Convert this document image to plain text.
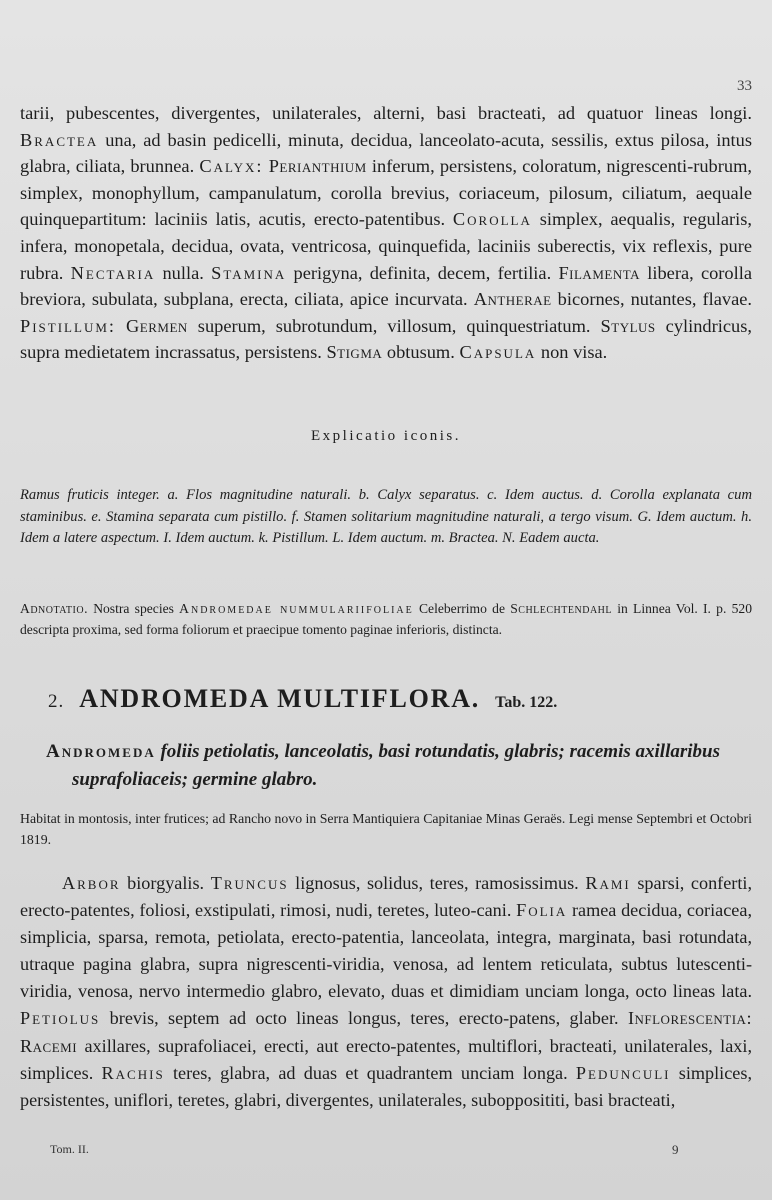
33

tarii, pubescentes, divergentes, unilaterales, alterni, basi bracteati, ad quatuor lineas longi. Bractea una, ad basin pedicelli, minuta, decidua, lanceolato-acuta, sessilis, extus pilosa, intus glabra, ciliata, brunnea. Calyx: Perianthium inferum, persistens, coloratum, nigrescenti-rubrum, simplex, monophyllum, campanulatum, corolla brevius, coriaceum, pilosum, ciliatum, aequale quinquepartitum: laciniis latis, acutis, erecto-patentibus. Corolla simplex, aequalis, regularis, infera, monopetala, decidua, ovata, ventricosa, quinquefida, laciniis suberectis, vix reflexis, pure rubra. Nectaria nulla. Stamina perigyna, definita, decem, fertilia. Filamenta libera, corolla breviora, subulata, subplana, erecta, ciliata, apice incurvata. Antherae bicornes, nutantes, flavae. Pistillum: Germen superum, subrotundum, villosum, quinquestriatum. Stylus cylindricus, supra medietatem incrassatus, persistens. Stigma obtusum. Capsula non visa.

Explicatio iconis.

Ramus fruticis integer. a. Flos magnitudine naturali. b. Calyx separatus. c. Idem auctus. d. Corolla explanata cum staminibus. e. Stamina separata cum pistillo. f. Stamen solitarium magnitudine naturali, a tergo visum. G. Idem auctum. h. Idem a latere aspectum. I. Idem auctum. k. Pistillum. L. Idem auctum. m. Bractea. N. Eadem aucta.

Adnotatio. Nostra species Andromedae nummulariifoliae Celeberrimo de Schlechtendahl in Linnea Vol. I. p. 520 descripta proxima, sed forma foliorum et praecipue tomento paginae inferioris, distincta.

2. ANDROMEDA MULTIFLORA. Tab. 122.

Andromeda foliis petiolatis, lanceolatis, basi rotundatis, glabris; racemis axillaribus suprafoliaceis; germine glabro.

Habitat in montosis, inter frutices; ad Rancho novo in Serra Mantiquiera Capitaniae Minas Geraës. Legi mense Septembri et Octobri 1819.

Arbor biorgyalis. Truncus lignosus, solidus, teres, ramosissimus. Rami sparsi, conferti, erecto-patentes, foliosi, exstipulati, rimosi, nudi, teretes, luteo-cani. Folia ramea decidua, coriacea, simplicia, sparsa, remota, petiolata, erecto-patentia, lanceolata, integra, marginata, basi rotundata, utraque pagina glabra, supra nigrescenti-viridia, venosa, ad lentem reticulata, subtus lutescenti-viridia, venosa, nervo intermedio glabro, elevato, duas et dimidiam unciam longa, octo lineas lata. Petiolus brevis, septem ad octo lineas longus, teres, erecto-patens, glaber. Inflorescentia: Racemi axillares, suprafoliacei, erecti, aut erecto-patentes, multiflori, bracteati, unilaterales, laxi, simplices. Rachis teres, glabra, ad duas et quadrantem unciam longa. Pedunculi simplices, persistentes, uniflori, teretes, glabri, divergentes, unilaterales, subopposititi, basi bracteati,

Tom. II.	9
